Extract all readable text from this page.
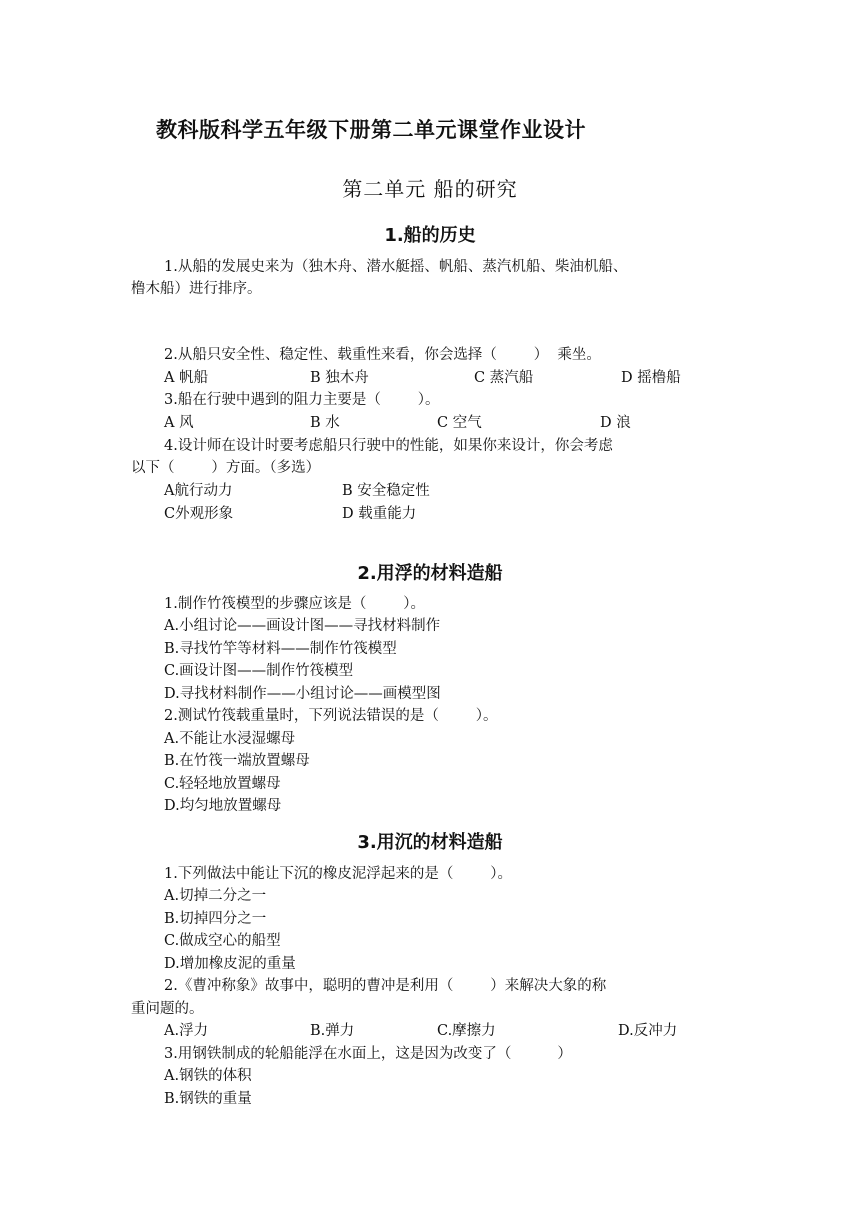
教科版科学五年级下册第二单元课堂作业设计
第二单元 船的研究
1.船的历史
1.从船的发展史来为（独木舟、潜水艇摇、帆船、蒸汽机船、柴油机船、
橹木船）进行排序。
2.从船只安全性、稳定性、载重性来看，你会选择（        ）  乘坐。
A 帆船	B 独木舟	C 蒸汽船	D 摇橹船
3.船在行驶中遇到的阻力主要是（        ）。
A 风	B 水	C 空气	D 浪
4.设计师在设计时要考虑船只行驶中的性能，如果你来设计，你会考虑
以下（        ）方面。（多选）
A航行动力	B 安全稳定性
C外观形象	D 载重能力
2.用浮的材料造船
1.制作竹筏模型的步骤应该是（        ）。
A.小组讨论——画设计图——寻找材料制作
B.寻找竹竿等材料——制作竹筏模型
C.画设计图——制作竹筏模型
D.寻找材料制作——小组讨论——画模型图
2.测试竹筏载重量时，下列说法错误的是（        ）。
A.不能让水浸湿螺母
B.在竹筏一端放置螺母
C.轻轻地放置螺母
D.均匀地放置螺母
3.用沉的材料造船
1.下列做法中能让下沉的橡皮泥浮起来的是（        ）。
A.切掉二分之一
B.切掉四分之一
C.做成空心的船型
D.增加橡皮泥的重量
2.《曹冲称象》故事中，聪明的曹冲是利用（        ）来解决大象的称
重问题的。
A.浮力	B.弹力	C.摩擦力	D.反冲力
3.用钢铁制成的轮船能浮在水面上，这是因为改变了（          ）
A.钢铁的体积
B.钢铁的重量
